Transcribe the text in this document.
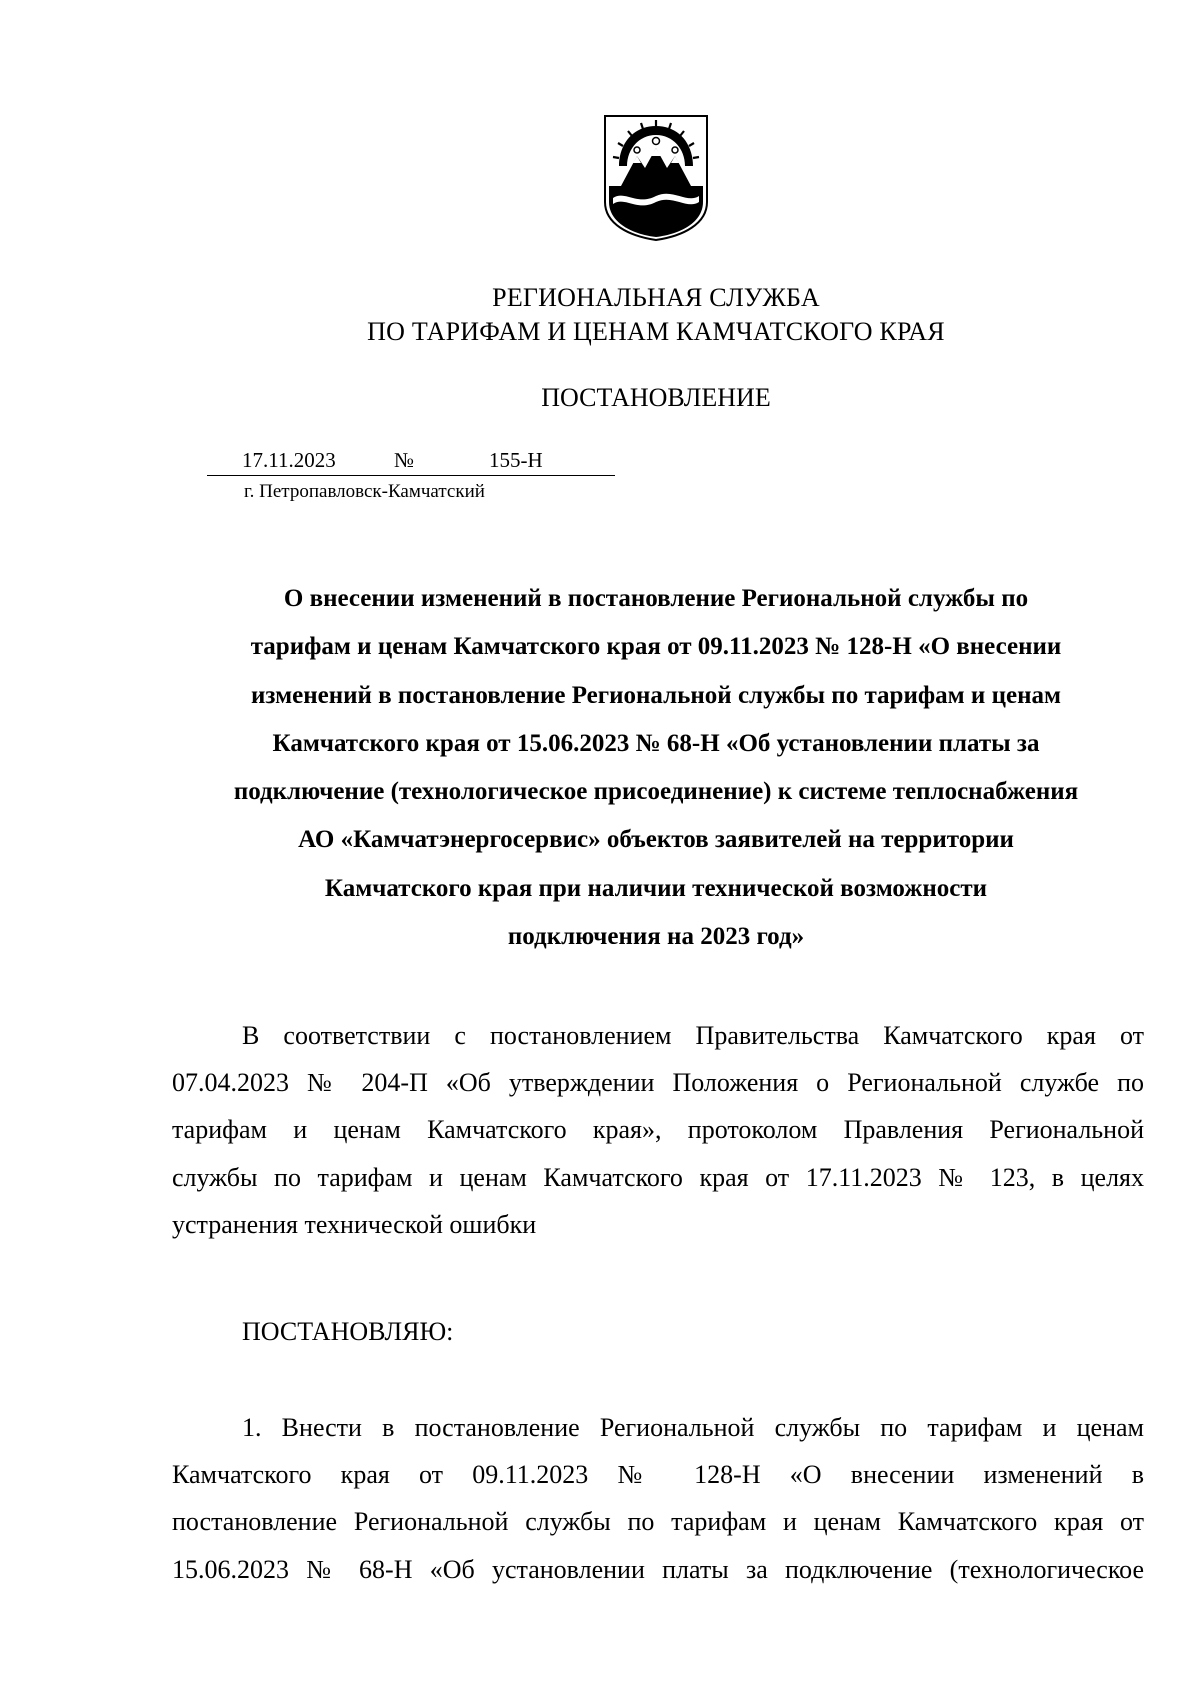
РЕГИОНАЛЬНАЯ СЛУЖБА
ПО ТАРИФАМ И ЦЕНАМ КАМЧАТСКОГО КРАЯ
ПОСТАНОВЛЕНИЕ
17.11.2023	№	155-Н
г. Петропавловск-Камчатский
О внесении изменений в постановление Региональной службы по
тарифам и ценам Камчатского края от 09.11.2023 № 128-Н «О внесении
изменений в постановление Региональной службы по тарифам и ценам
Камчатского края от 15.06.2023 № 68-Н «Об установлении платы за
подключение (технологическое присоединение) к системе теплоснабжения
АО «Камчатэнергосервис» объектов заявителей на территории
Камчатского края при наличии технической возможности
подключения на 2023 год»
В соответствии с постановлением Правительства Камчатского края от
07.04.2023 № 204-П «Об утверждении Положения о Региональной службе по
тарифам и ценам Камчатского края», протоколом Правления Региональной
службы по тарифам и ценам Камчатского края от 17.11.2023 № 123, в целях
устранения технической ошибки
ПОСТАНОВЛЯЮ:
1. Внести в постановление Региональной службы по тарифам и ценам
Камчатского края от 09.11.2023 № 128-Н «О внесении изменений в
постановление Региональной службы по тарифам и ценам Камчатского края от
15.06.2023 № 68-Н «Об установлении платы за подключение (технологическое
